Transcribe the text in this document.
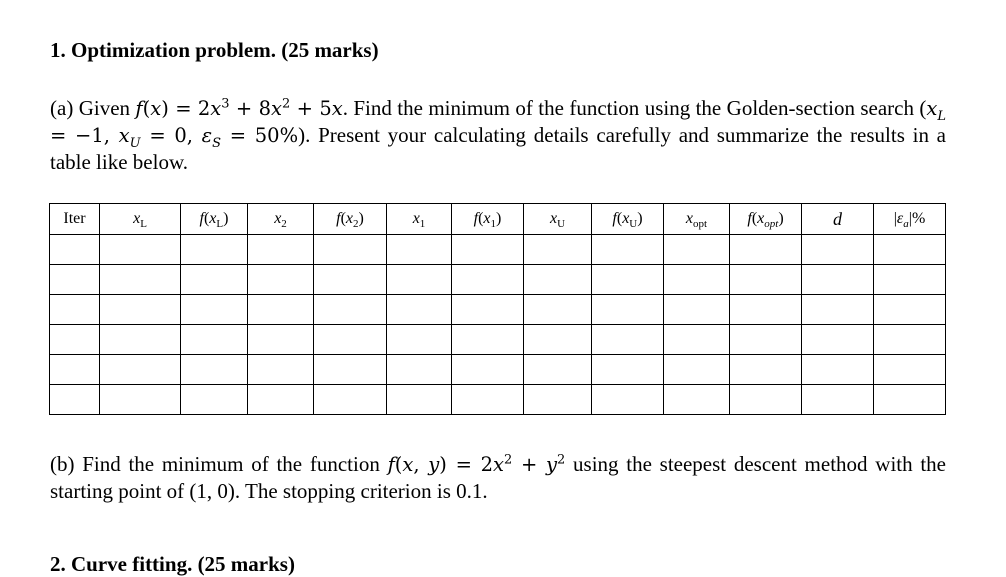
1. Optimization problem. (25 marks)

(a) Given $f(x) = 2x^3 + 8x^2 + 5x$. Find the minimum of the function using the Golden-section search ($x_L = -1$, $x_U = 0$, $\varepsilon_S = 50\%$). Present your calculating details carefully and summarize the results in a table like below.

Iter	$x_L$	$f(x_L)$	$x_2$	$f(x_2)$	$x_1$	$f(x_1)$	$x_U$	$f(x_U)$	$x_{opt}$	$f(x_{opt})$	d	$|\varepsilon_a|\%$

(b) Find the minimum of the function f(x, $y) = 2x^2 + y^2$ using the steepest descent method with the starting point of (1, 0). The stopping criterion is 0.1.

2. Curve fitting. (25 marks)
